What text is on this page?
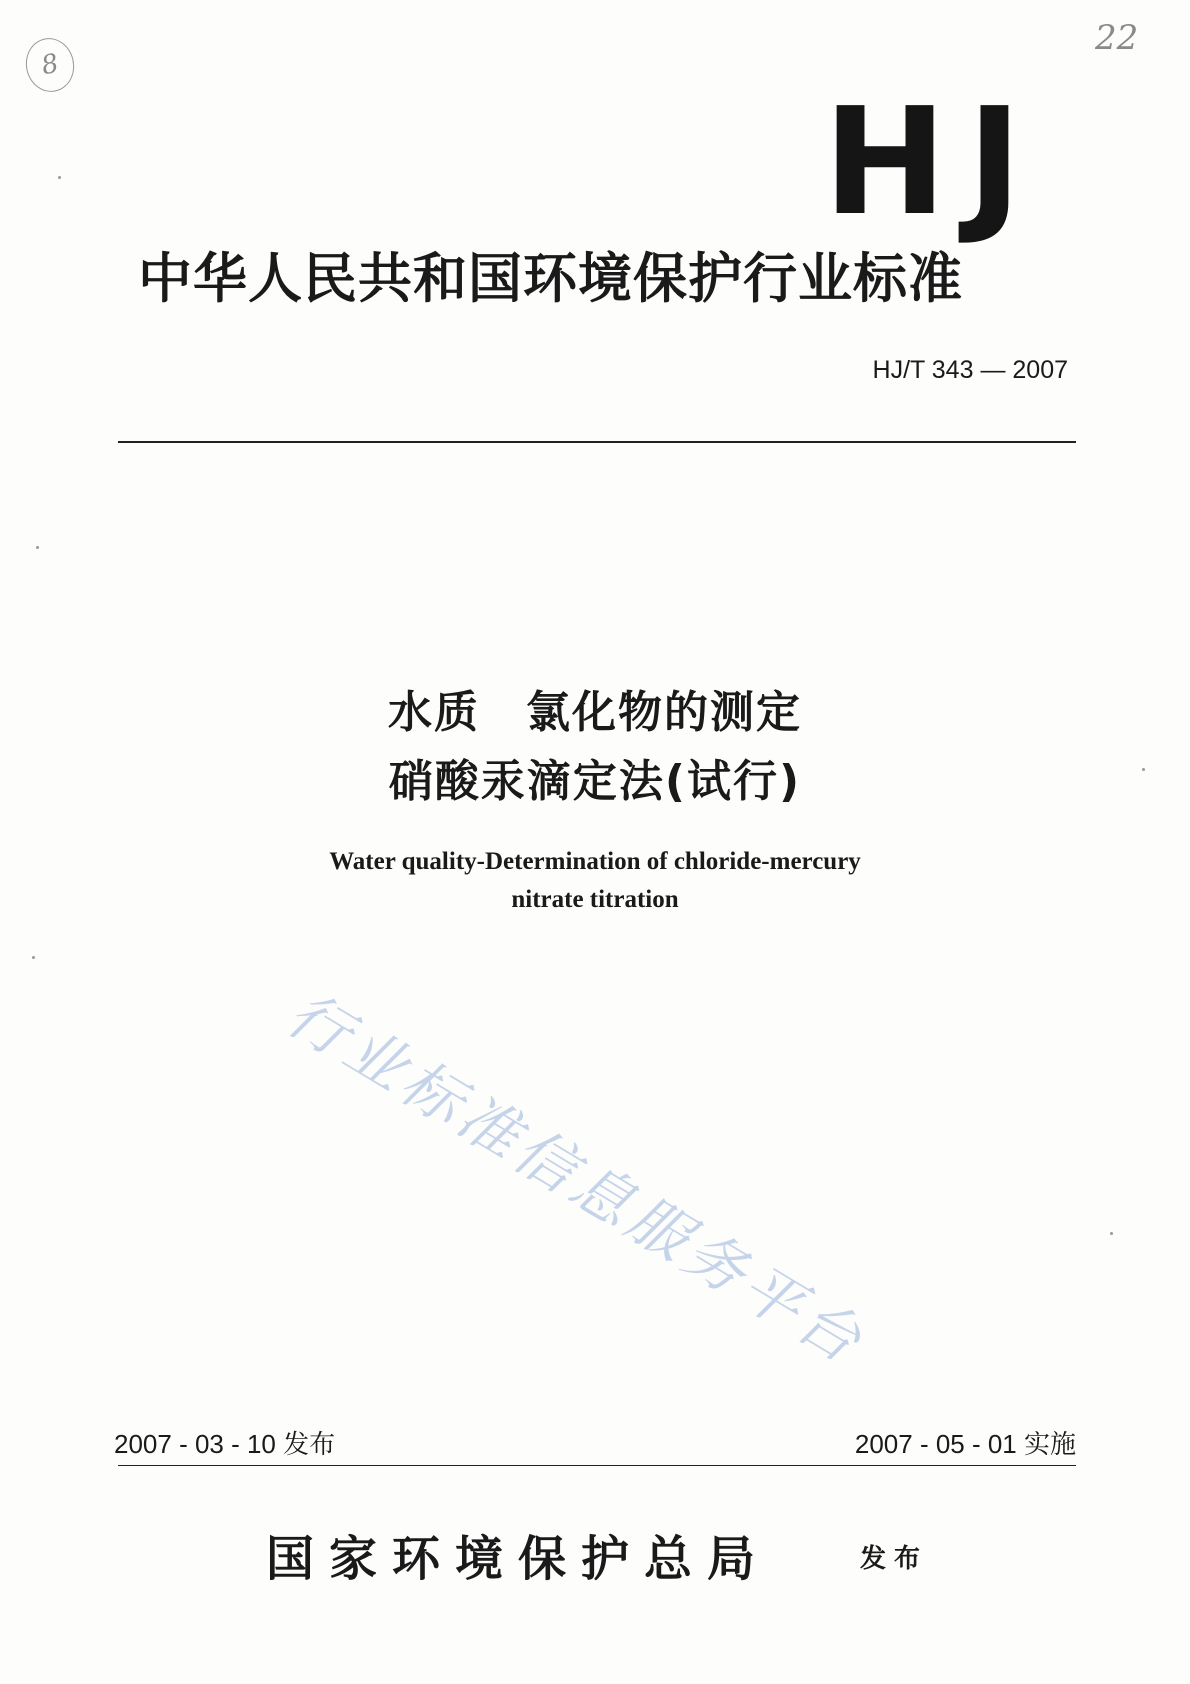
8
22
HJ
中华人民共和国环境保护行业标准
HJ/T 343 — 2007
水质　氯化物的测定
硝酸汞滴定法(试行)
Water quality-Determination of chloride-mercury
nitrate titration
行业标准信息服务平台
2007 - 03 - 10 发布	2007 - 05 - 01 实施
国家环境保护总局	发布
